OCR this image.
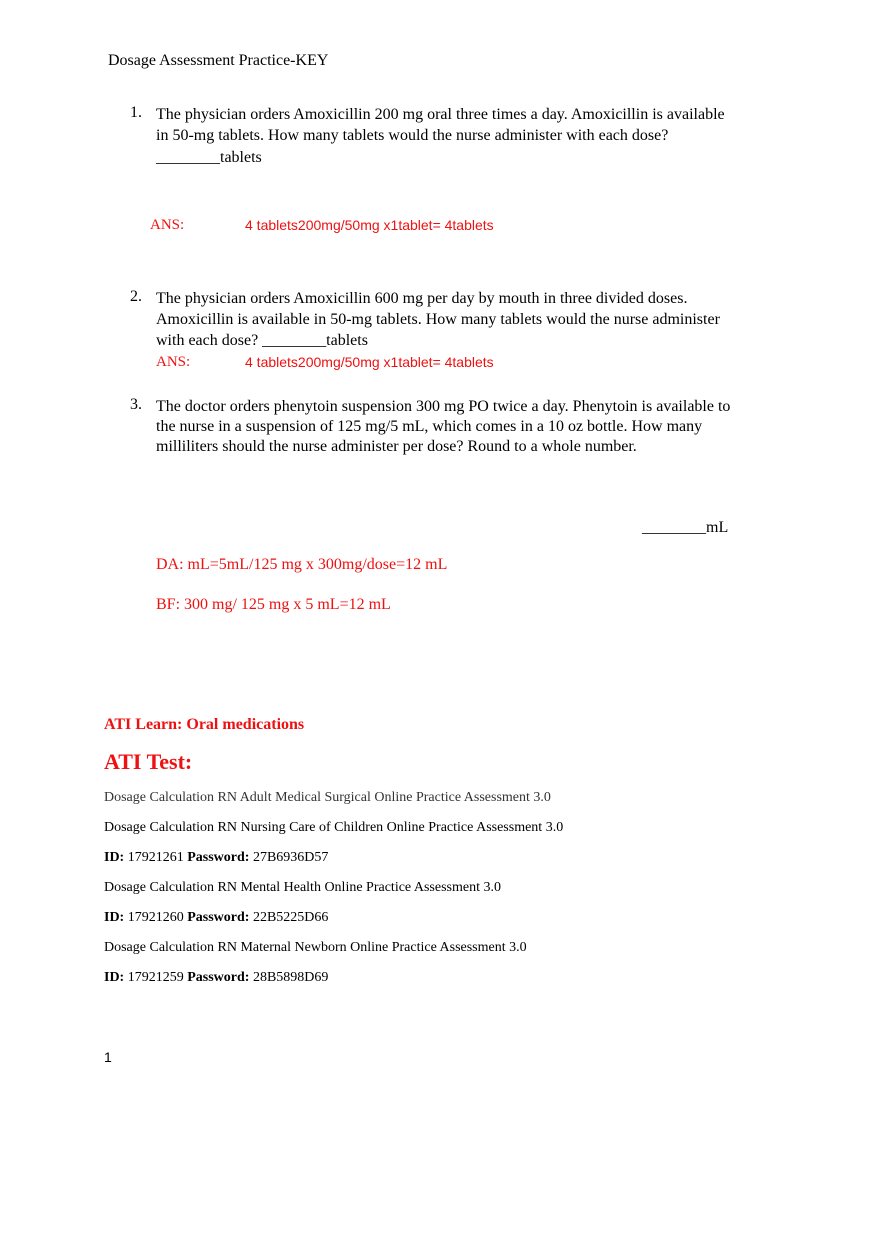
Dosage Assessment Practice-KEY
1. The physician orders Amoxicillin 200 mg oral three times a day. Amoxicillin is available
in 50-mg tablets. How many tablets would the nurse administer with each dose?
________tablets
ANS:	4 tablets200mg/50mg x1tablet= 4tablets
2. The physician orders Amoxicillin 600 mg per day by mouth in three divided doses.
Amoxicillin is available in 50-mg tablets. How many tablets would the nurse administer
with each dose? ________tablets
ANS:	4 tablets200mg/50mg x1tablet= 4tablets
3. The doctor orders phenytoin suspension 300 mg PO twice a day. Phenytoin is available to
the nurse in a suspension of 125 mg/5 mL, which comes in a 10 oz bottle. How many
milliliters should the nurse administer per dose? Round to a whole number.
________mL
DA: mL=5mL/125 mg x 300mg/dose=12 mL
BF: 300 mg/ 125 mg x 5 mL=12 mL
ATI Learn: Oral medications
ATI Test:
Dosage Calculation RN Adult Medical Surgical Online Practice Assessment 3.0
Dosage Calculation RN Nursing Care of Children Online Practice Assessment 3.0
ID: 17921261 Password: 27B6936D57
Dosage Calculation RN Mental Health Online Practice Assessment 3.0
ID: 17921260 Password: 22B5225D66
Dosage Calculation RN Maternal Newborn Online Practice Assessment 3.0
ID: 17921259 Password: 28B5898D69
1
